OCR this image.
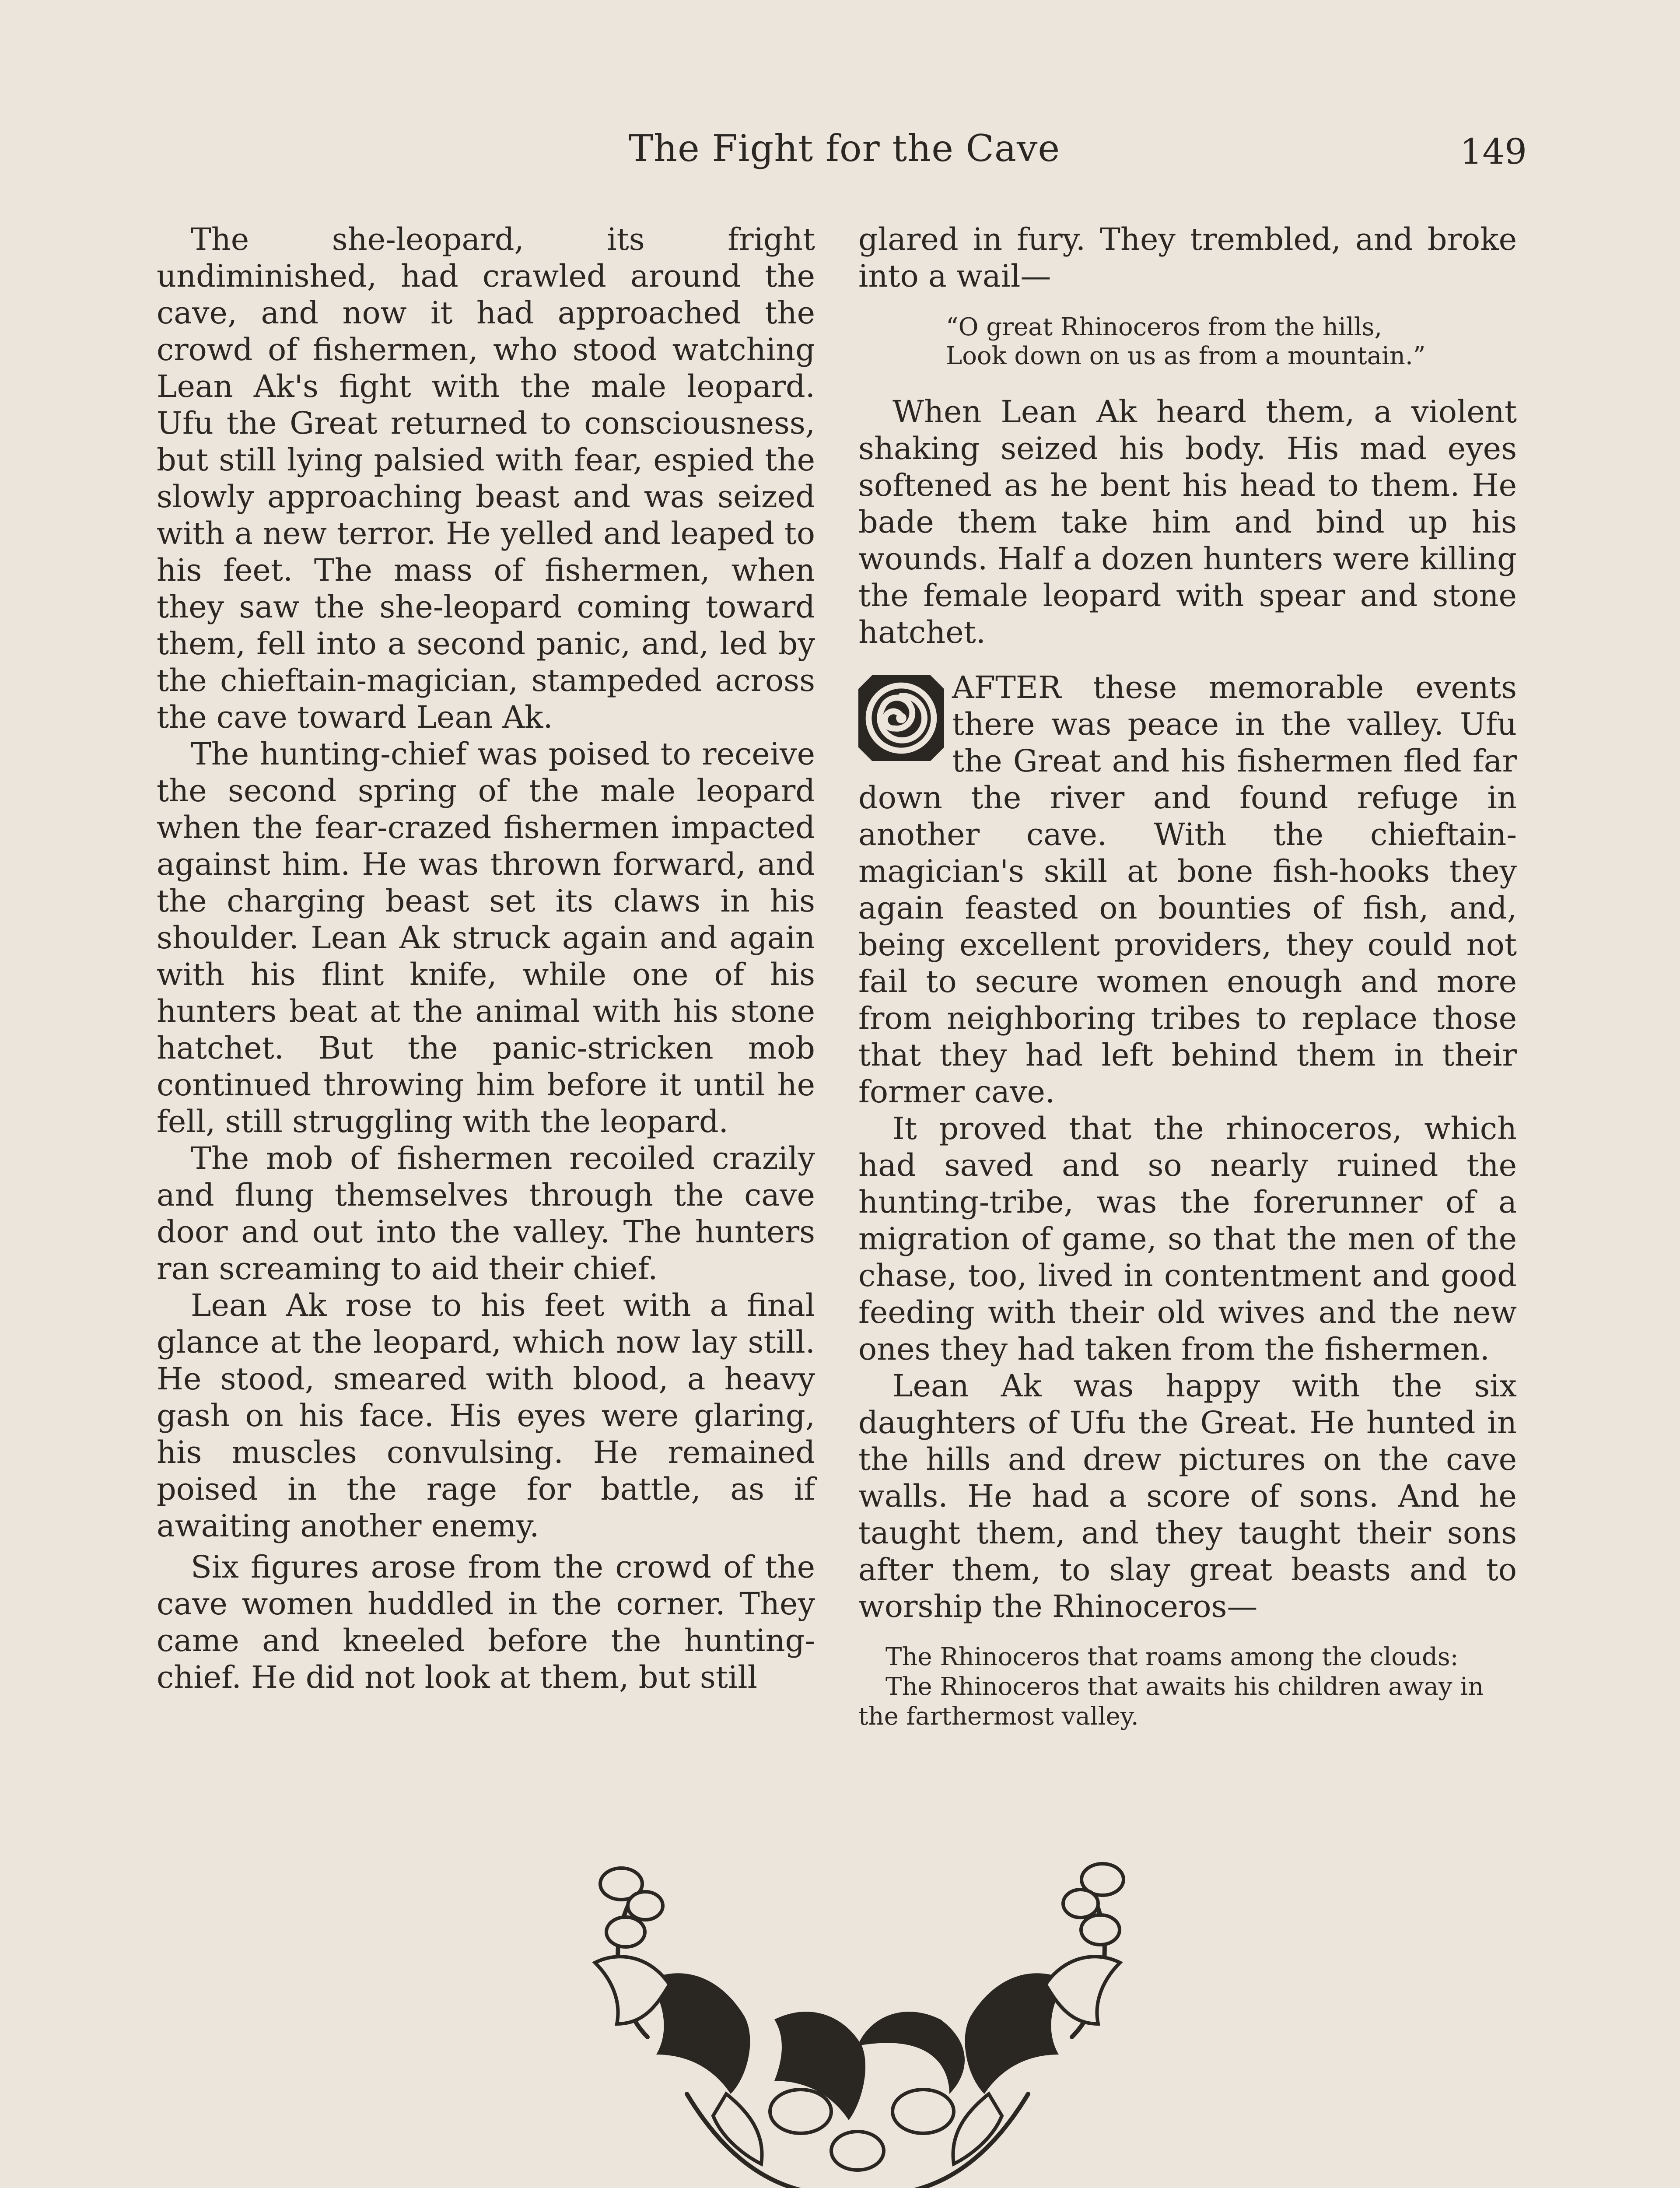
The Fight for the Cave	149

The she-leopard, its fright undiminished, had crawled around the cave, and now it had approached the crowd of fishermen, who stood watching Lean Ak's fight with the male leopard. Ufu the Great returned to consciousness, but still lying palsied with fear, espied the slowly approaching beast and was seized with a new terror. He yelled and leaped to his feet. The mass of fishermen, when they saw the she-leopard coming toward them, fell into a second panic, and, led by the chieftain-magician, stampeded across the cave toward Lean Ak.

The hunting-chief was poised to receive the second spring of the male leopard when the fear-crazed fishermen impacted against him. He was thrown forward, and the charging beast set its claws in his shoulder. Lean Ak struck again and again with his flint knife, while one of his hunters beat at the animal with his stone hatchet. But the panic-stricken mob continued throwing him before it until he fell, still struggling with the leopard.

The mob of fishermen recoiled crazily and flung themselves through the cave door and out into the valley. The hunters ran screaming to aid their chief.

Lean Ak rose to his feet with a final glance at the leopard, which now lay still. He stood, smeared with blood, a heavy gash on his face. His eyes were glaring, his muscles convulsing. He remained poised in the rage for battle, as if awaiting another enemy.

Six figures arose from the crowd of the cave women huddled in the corner. They came and kneeled before the hunting-chief. He did not look at them, but still

glared in fury. They trembled, and broke into a wail—

“O great Rhinoceros from the hills,
Look down on us as from a mountain.”

When Lean Ak heard them, a violent shaking seized his body. His mad eyes softened as he bent his head to them. He bade them take him and bind up his wounds. Half a dozen hunters were killing the female leopard with spear and stone hatchet.

AFTER these memorable events there was peace in the valley. Ufu the Great and his fishermen fled far down the river and found refuge in another cave. With the chieftain-magician's skill at bone fish-hooks they again feasted on bounties of fish, and, being excellent providers, they could not fail to secure women enough and more from neighboring tribes to replace those that they had left behind them in their former cave.

It proved that the rhinoceros, which had saved and so nearly ruined the hunting-tribe, was the forerunner of a migration of game, so that the men of the chase, too, lived in contentment and good feeding with their old wives and the new ones they had taken from the fishermen.

Lean Ak was happy with the six daughters of Ufu the Great. He hunted in the hills and drew pictures on the cave walls. He had a score of sons. And he taught them, and they taught their sons after them, to slay great beasts and to worship the Rhinoceros—

The Rhinoceros that roams among the clouds:
The Rhinoceros that awaits his children away in
the farthermost valley.
